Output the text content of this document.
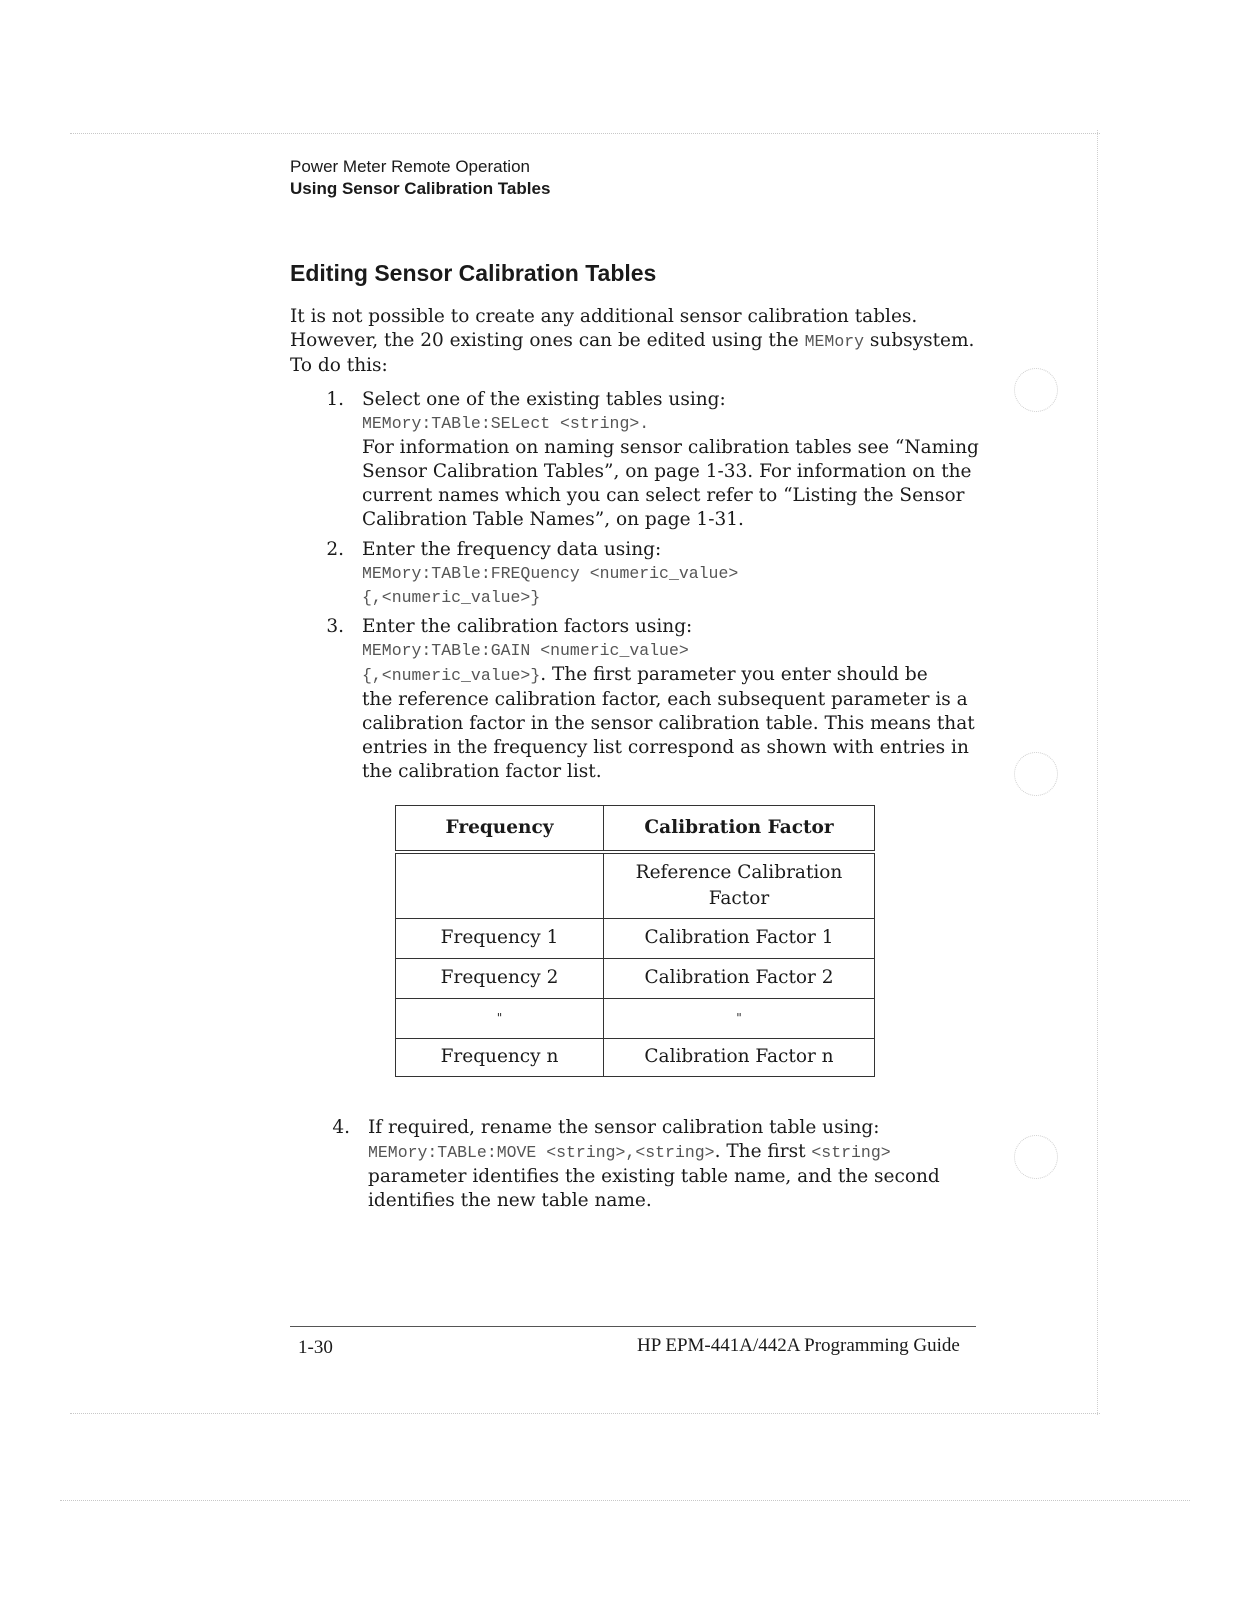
Power Meter Remote Operation
Using Sensor Calibration Tables
Editing Sensor Calibration Tables
It is not possible to create any additional sensor calibration tables. However, the 20 existing ones can be edited using the MEMory subsystem. To do this:
1. Select one of the existing tables using:
MEMory:TABle:SELect <string>.
For information on naming sensor calibration tables see “Naming
Sensor Calibration Tables”, on page 1-33. For information on the
current names which you can select refer to “Listing the Sensor
Calibration Table Names”, on page 1-31.
2. Enter the frequency data using:
MEMory:TABle:FREQuency <numeric_value>
{,<numeric_value>}
3. Enter the calibration factors using:
MEMory:TABle:GAIN <numeric_value>
{,<numeric_value>}. The first parameter you enter should be
the reference calibration factor, each subsequent parameter is a
calibration factor in the sensor calibration table. This means that
entries in the frequency list correspond as shown with entries in
the calibration factor list.
Frequency	Calibration Factor
	Reference Calibration Factor
Frequency 1	Calibration Factor 1
Frequency 2	Calibration Factor 2
"	"
Frequency n	Calibration Factor n
4. If required, rename the sensor calibration table using:
MEMory:TABLe:MOVE <string>,<string>. The first <string>
parameter identifies the existing table name, and the second
identifies the new table name.
1-30	HP EPM-441A/442A Programming Guide
